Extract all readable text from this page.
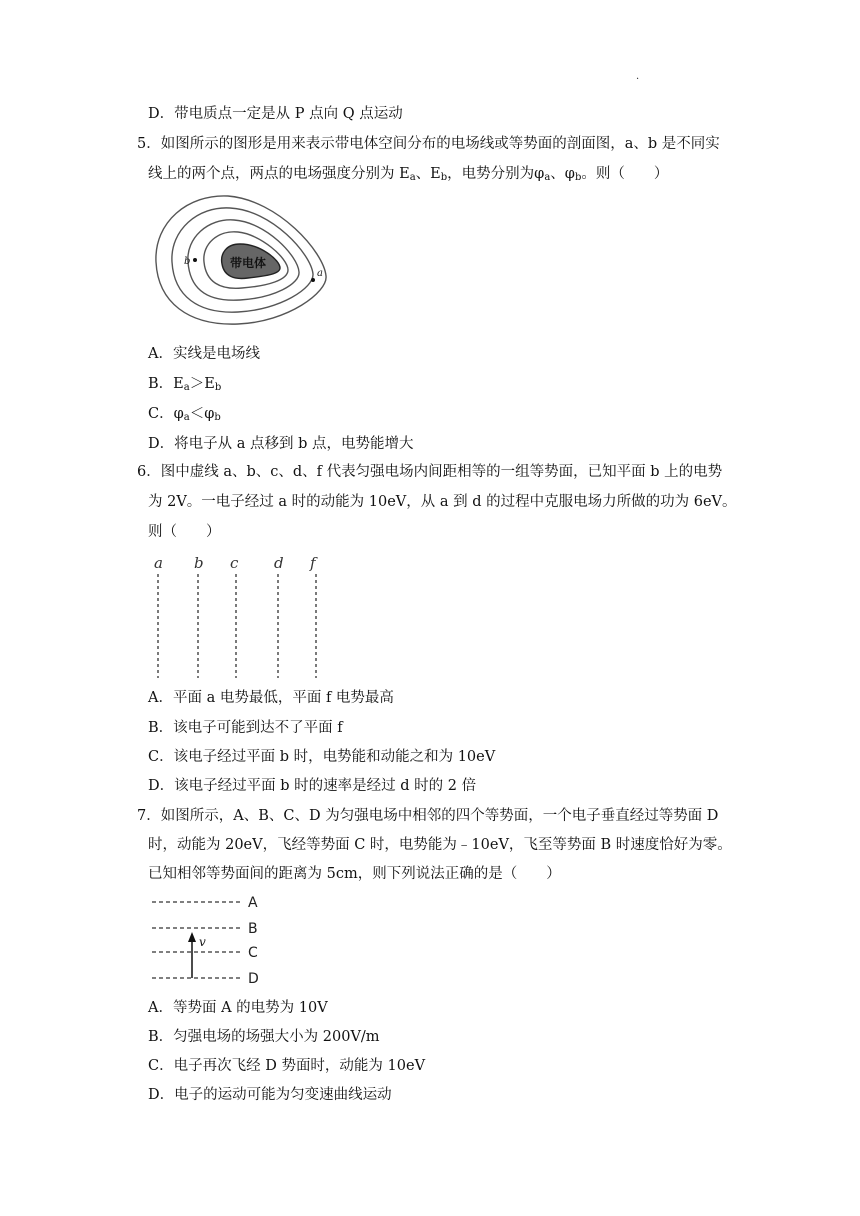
·
D．带电质点一定是从 P 点向 Q 点运动
5．如图所示的图形是用来表示带电体空间分布的电场线或等势面的剖面图，a、b 是不同实
线上的两个点，两点的电场强度分别为 $E_a$、$E_b$，电势分别为$\varphi_a$、$\varphi_b$。则（　　）
带电体
b
a
A．实线是电场线
B．$E_a>E_b$
C．$\varphi_a<\varphi_b$
D．将电子从 a 点移到 b 点，电势能增大
6．图中虚线 a、b、c、d、f 代表匀强电场内间距相等的一组等势面，已知平面 b 上的电势
为 2V。一电子经过 a 时的动能为 10eV，从 a 到 d 的过程中克服电场力所做的功为 6eV。
则（　　）
a b c d f
A．平面 a 电势最低，平面 f 电势最高
B．该电子可能到达不了平面 f
C．该电子经过平面 b 时，电势能和动能之和为 10eV
D．该电子经过平面 b 时的速率是经过 d 时的 2 倍
7．如图所示，A、B、C、D 为匀强电场中相邻的四个等势面，一个电子垂直经过等势面 D
时，动能为 20eV，飞经等势面 C 时，电势能为﹣10eV，飞至等势面 B 时速度恰好为零。
已知相邻等势面间的距离为 5cm，则下列说法正确的是（　　）
A
B
C
D
v
A．等势面 A 的电势为 10V
B．匀强电场的场强大小为 200V/m
C．电子再次飞经 D 势面时，动能为 10eV
D．电子的运动可能为匀变速曲线运动
